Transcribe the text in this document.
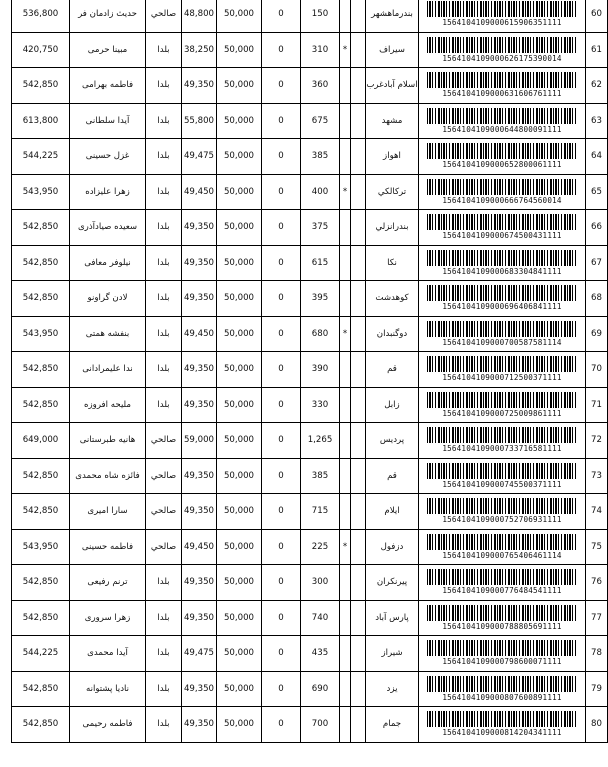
536,800	حدیث زادمان فر	صالحي	48,800	50,000	0	150			بندرماهشهر	1564104109000615906351111	60
420,750	مبینا حرمی	بلدا	38,250	50,000	0	310	*		سيراف	1564104109000626175390014	61
542,850	فاطمه بهرامی	بلدا	49,350	50,000	0	360			اسلام آبادغرب	1564104109000631606761111	62
613,800	آیدا سلطانی	بلدا	55,800	50,000	0	675			مشهد	1564104109000644800091111	63
544,225	غزل حسینی	بلدا	49,475	50,000	0	385			اهواز	1564104109000652800061111	64
543,950	زهرا علیزاده	بلدا	49,450	50,000	0	400	*		تركالكي	1564104109000666764560014	65
542,850	سعیده صیادآذری	بلدا	49,350	50,000	0	375			بندرانزلي	1564104109000674500431111	66
542,850	نیلوفر معافی	بلدا	49,350	50,000	0	615			نكا	1564104109000683304841111	67
542,850	لادن گراونو	بلدا	49,350	50,000	0	395			كوهدشت	1564104109000696406841111	68
543,950	بنفشه همتی	بلدا	49,450	50,000	0	680	*		دوگنبدان	1564104109000700587581114	69
542,850	ندا علیمرادانی	بلدا	49,350	50,000	0	390			قم	1564104109000712500371111	70
542,850	ملیحه افروزه	بلدا	49,350	50,000	0	330			زابل	1564104109000725009861111	71
649,000	هانیه طبرستانی	صالحي	59,000	50,000	0	1,265			پرديس	1564104109000733716581111	72
542,850	فائزه شاه محمدی	صالحي	49,350	50,000	0	385			قم	1564104109000745500371111	73
542,850	سارا امیری	صالحي	49,350	50,000	0	715			ايلام	1564104109000752706931111	74
543,950	فاطمه حسینی	صالحي	49,450	50,000	0	225	*		دزفول	1564104109000765406461114	75
542,850	ترنم رفیعی	بلدا	49,350	50,000	0	300			پيرنكران	1564104109000776484541111	76
542,850	زهرا سروری	بلدا	49,350	50,000	0	740			پارس آباد	1564104109000788805691111	77
544,225	آیدا محمدی	بلدا	49,475	50,000	0	435			شيراز	1564104109000798600071111	78
542,850	نادیا پشتوانه	بلدا	49,350	50,000	0	690			يزد	1564104109000807600891111	79
542,850	فاطمه رحیمی	بلدا	49,350	50,000	0	700			جمام	1564104109000814204341111	80
